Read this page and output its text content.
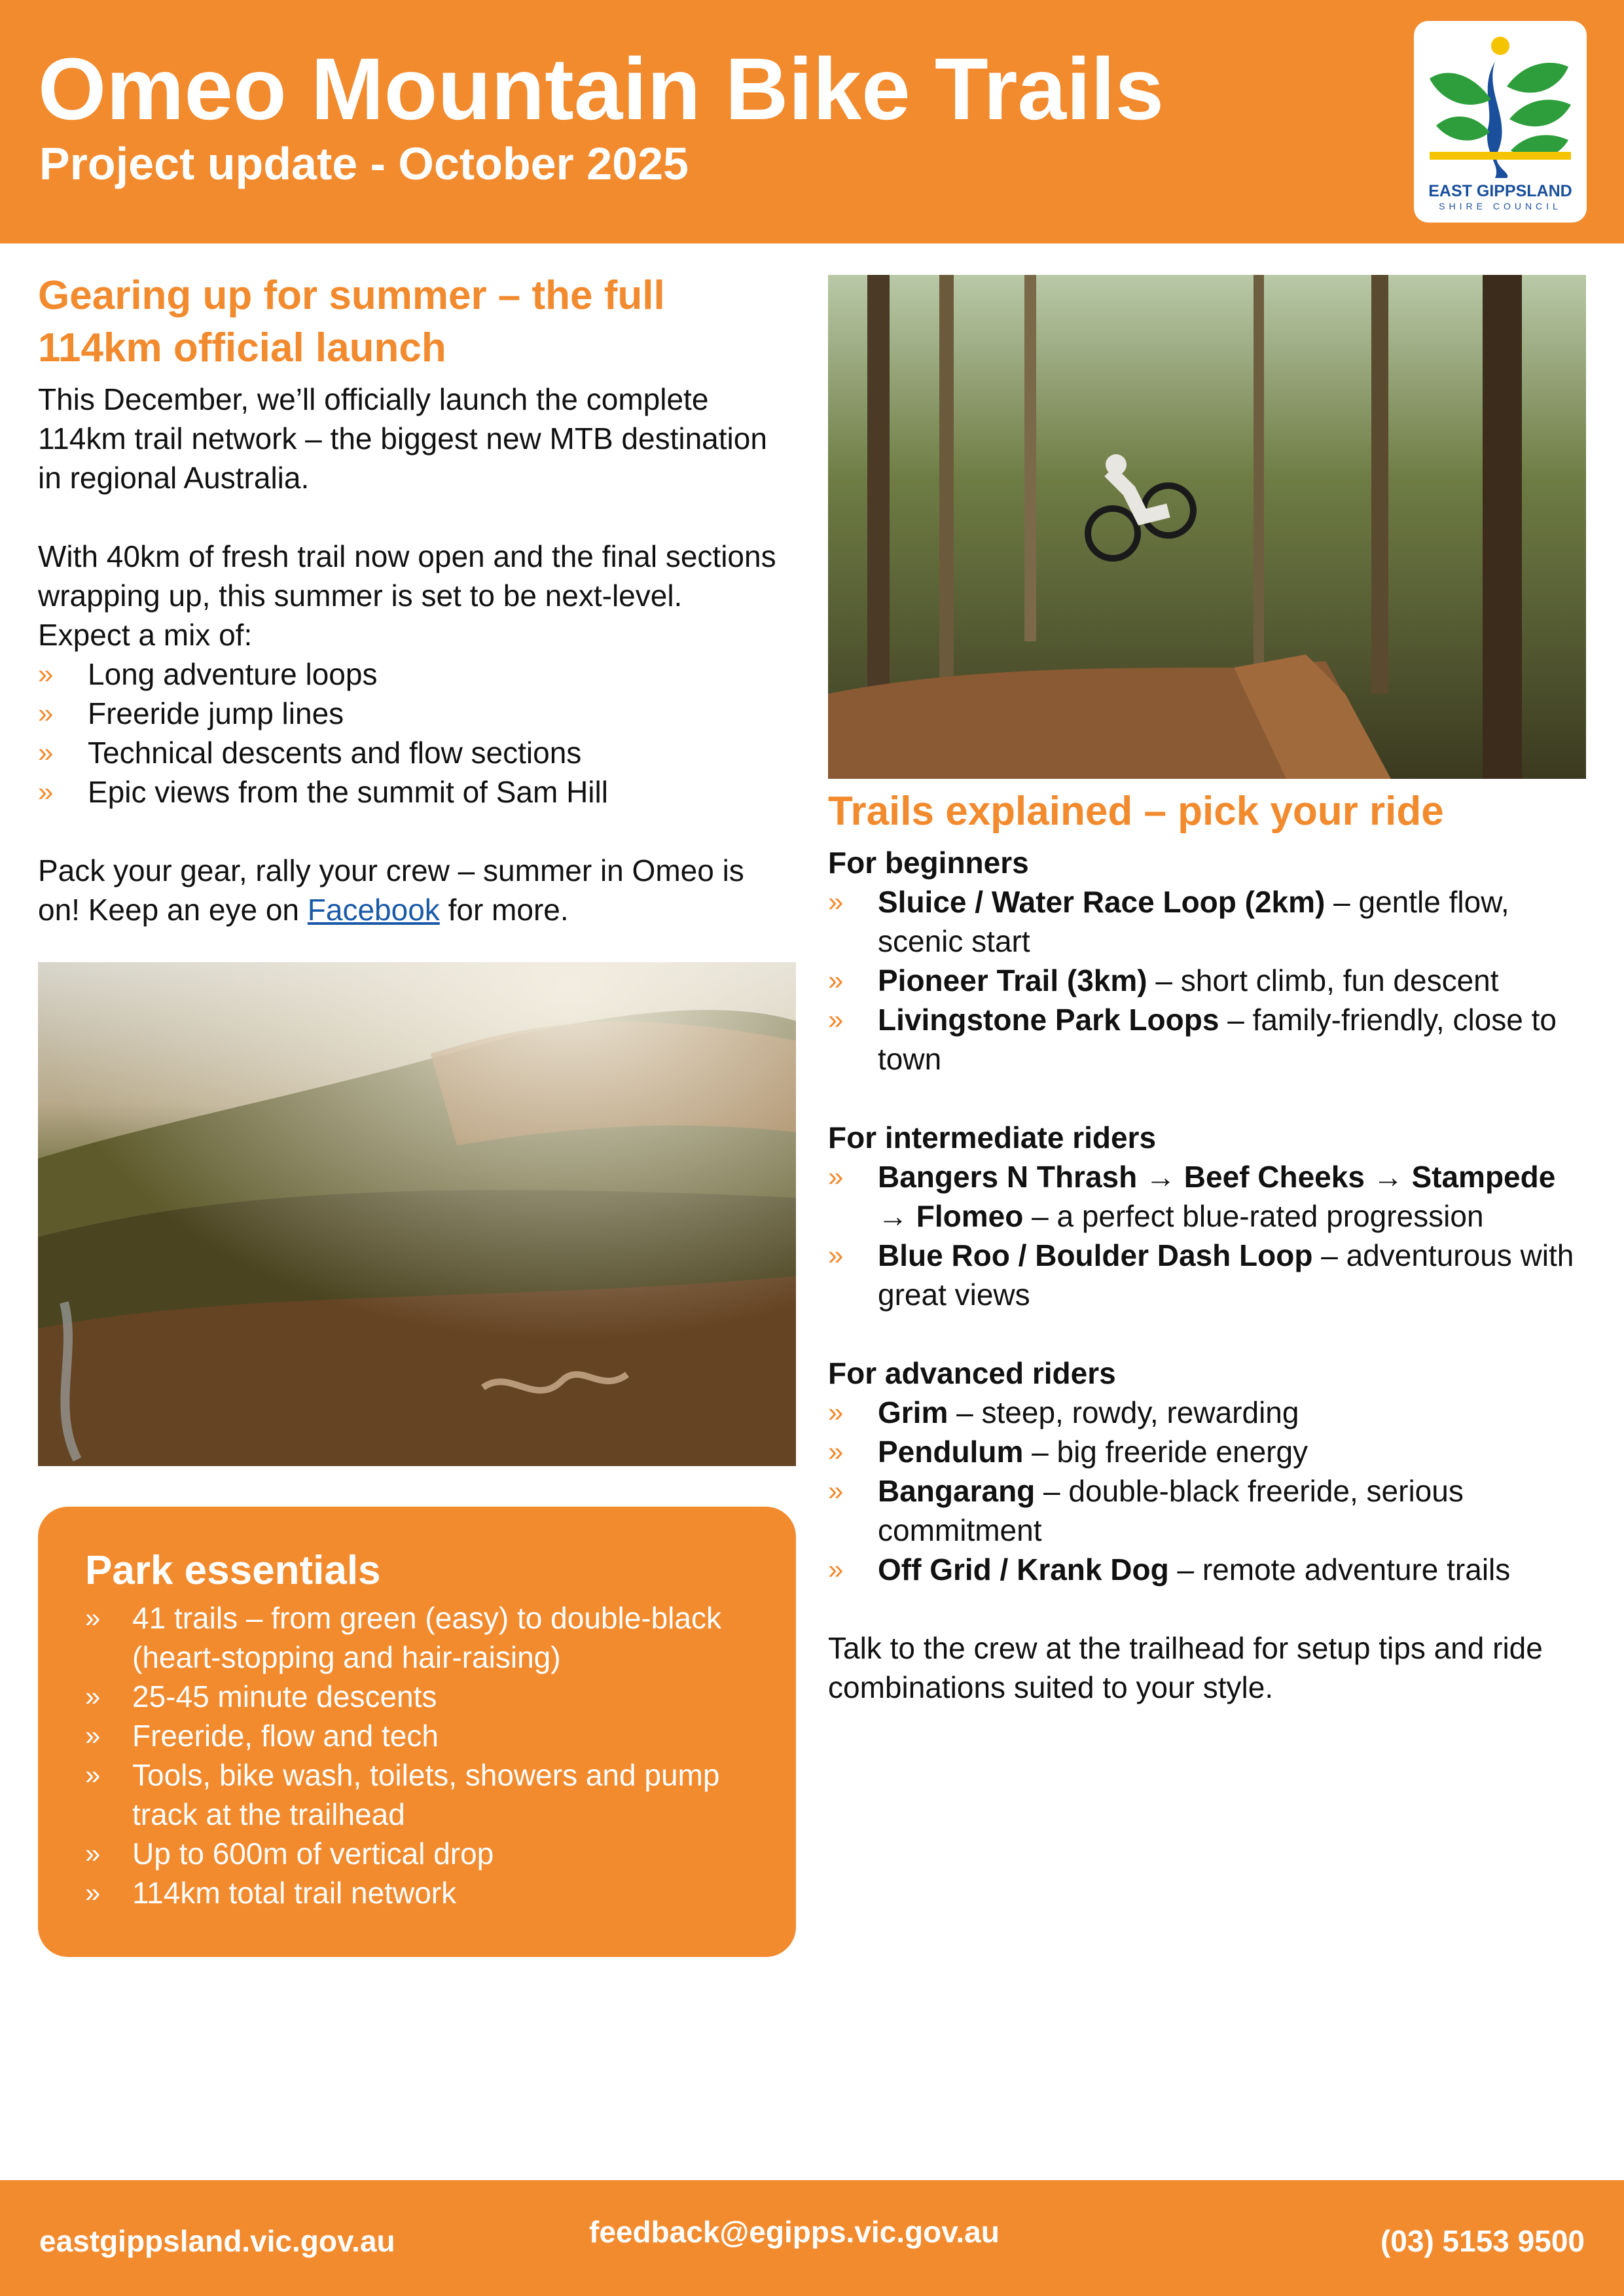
Omeo Mountain Bike Trails
Project update - October 2025
EAST GIPPSLAND
SHIRE COUNCIL
Gearing up for summer – the full
114km official launch

This December, we’ll officially launch the complete 114km trail network – the biggest new MTB destination in regional Australia.

With 40km of fresh trail now open and the final sections wrapping up, this summer is set to be next-level. Expect a mix of:

»	Long adventure loops
»	Freeride jump lines
»	Technical descents and flow sections
»	Epic views from the summit of Sam Hill

Pack your gear, rally your crew – summer in Omeo is on! Keep an eye on Facebook for more.

Park essentials
»	41 trails – from green (easy) to double-black (heart-stopping and hair-raising)
»	25-45 minute descents
»	Freeride, flow and tech
»	Tools, bike wash, toilets, showers and pump track at the trailhead
»	Up to 600m of vertical drop
»	114km total trail network
Trails explained – pick your ride
For beginners
»	Sluice / Water Race Loop (2km) – gentle flow, scenic start
»	Pioneer Trail (3km) – short climb, fun descent
»	Livingstone Park Loops – family-friendly, close to town
For intermediate riders
»	Bangers N Thrash → Beef Cheeks → Stampede → Flomeo – a perfect blue-rated progression
»	Blue Roo / Boulder Dash Loop – adventurous with great views
For advanced riders
»	Grim – steep, rowdy, rewarding
»	Pendulum – big freeride energy
»	Bangarang – double-black freeride, serious commitment
»	Off Grid / Krank Dog – remote adventure trails

Talk to the crew at the trailhead for setup tips and ride combinations suited to your style.

eastgippsland.vic.gov.au	feedback@egipps.vic.gov.au	(03) 5153 9500
